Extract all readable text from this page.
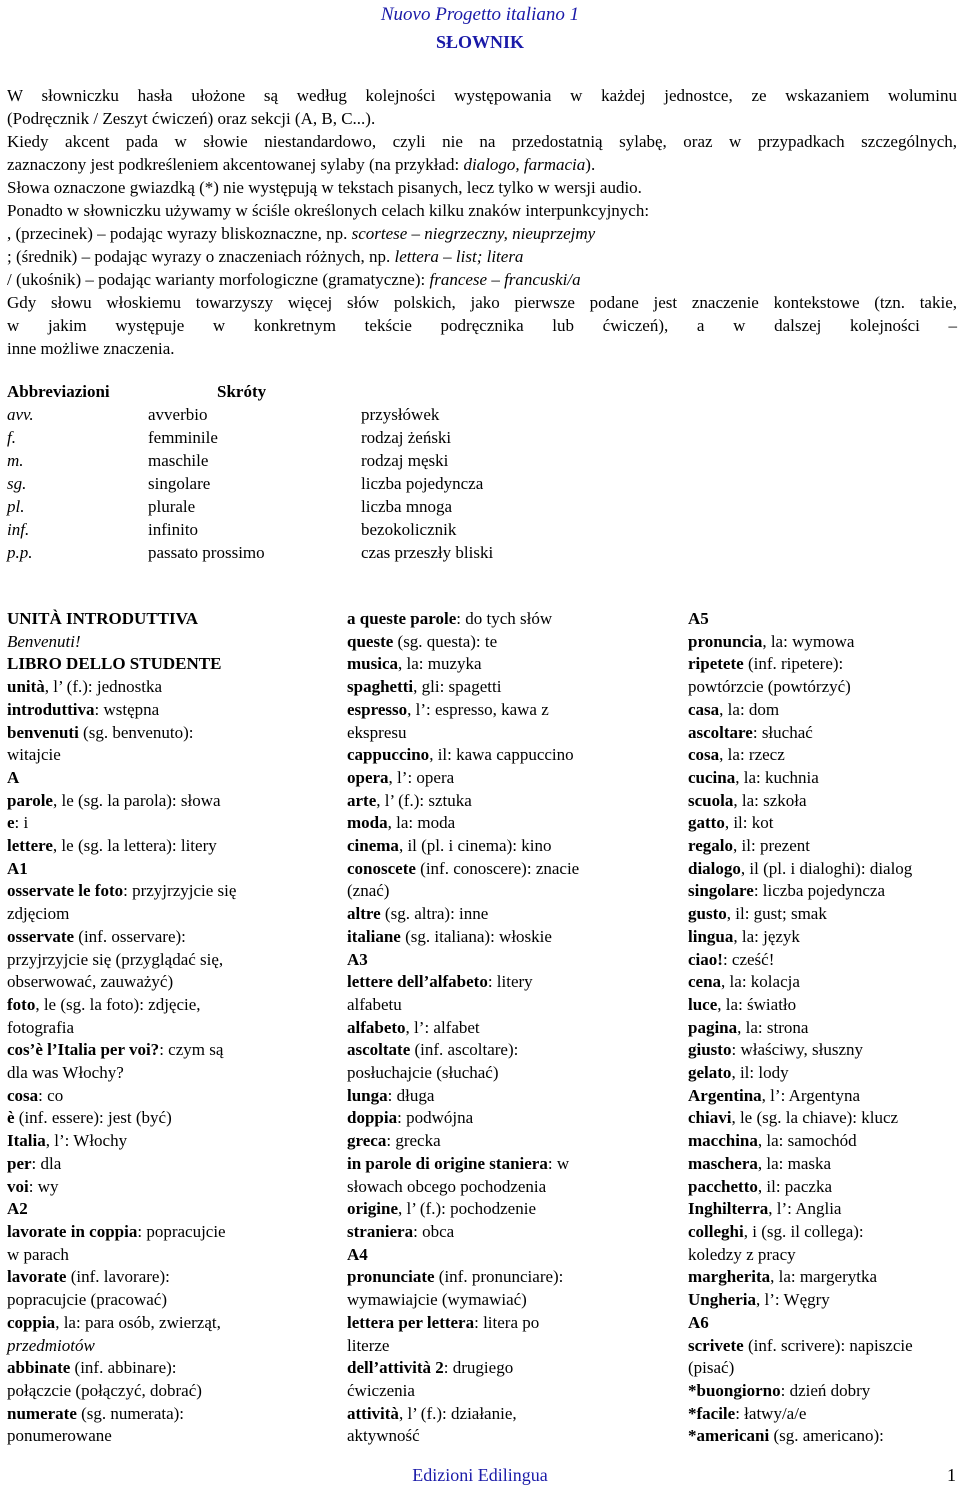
Nuovo Progetto italiano 1
SŁOWNIK
W słowniczku hasła ułożone są według kolejności występowania w każdej jednostce, ze wskazaniem woluminu
(Podręcznik / Zeszyt ćwiczeń) oraz sekcji (A, B, C...).
Kiedy akcent pada w słowie niestandardowo, czyli nie na przedostatnią sylabę, oraz w przypadkach szczególnych,
zaznaczony jest podkreśleniem akcentowanej sylaby (na przykład: dialogo, farmacia).
Słowa oznaczone gwiazdką (*) nie występują w tekstach pisanych, lecz tylko w wersji audio.
Ponadto w słowniczku używamy w ściśle określonych celach kilku znaków interpunkcyjnych:
, (przecinek) – podając wyrazy bliskoznaczne, np. scortese – niegrzeczny, nieuprzejmy
; (średnik) – podając wyrazy o znaczeniach różnych, np. lettera – list; litera
/ (ukośnik) – podając warianty morfologiczne (gramatyczne): francese – francuski/a
Gdy słowu włoskiemu towarzyszy więcej słów polskich, jako pierwsze podane jest znaczenie kontekstowe (tzn. takie,
w jakim występuje w konkretnym tekście podręcznika lub ćwiczeń), a w dalszej kolejności –
inne możliwe znaczenia.
Abbreviazioni	Skróty
avv.	avverbio	przysłówek
f.	femminile	rodzaj żeński
m.	maschile	rodzaj męski
sg.	singolare	liczba pojedyncza
pl.	plurale	liczba mnoga
inf.	infinito	bezokolicznik
p.p.	passato prossimo	czas przeszły bliski
UNITÀ INTRODUTTIVA
Benvenuti!
LIBRO DELLO STUDENTE
unità, l’ (f.): jednostka
introduttiva: wstępna
benvenuti (sg. benvenuto):
witajcie
A
parole, le (sg. la parola): słowa
e: i
lettere, le (sg. la lettera): litery
A1
osservate le foto: przyjrzyjcie się
zdjęciom
osservate (inf. osservare):
przyjrzyjcie się (przyglądać się,
obserwować, zauważyć)
foto, le (sg. la foto): zdjęcie,
fotografia
cos’è l’Italia per voi?: czym są
dla was Włochy?
cosa: co
è (inf. essere): jest (być)
Italia, l’: Włochy
per: dla
voi: wy
A2
lavorate in coppia: popracujcie
w parach
lavorate (inf. lavorare):
popracujcie (pracować)
coppia, la: para osób, zwierząt,
przedmiotów
abbinate (inf. abbinare):
połączcie (połączyć, dobrać)
numerate (sg. numerata):
ponumerowane
a queste parole: do tych słów
queste (sg. questa): te
musica, la: muzyka
spaghetti, gli: spagetti
espresso, l’: espresso, kawa z
ekspresu
cappuccino, il: kawa cappuccino
opera, l’: opera
arte, l’ (f.): sztuka
moda, la: moda
cinema, il (pl. i cinema): kino
conoscete (inf. conoscere): znacie
(znać)
altre (sg. altra): inne
italiane (sg. italiana): włoskie
A3
lettere dell’alfabeto: litery
alfabetu
alfabeto, l’: alfabet
ascoltate (inf. ascoltare):
posłuchajcie (słuchać)
lunga: długa
doppia: podwójna
greca: grecka
in parole di origine staniera: w
słowach obcego pochodzenia
origine, l’ (f.): pochodzenie
straniera: obca
A4
pronunciate (inf. pronunciare):
wymawiajcie (wymawiać)
lettera per lettera: litera po
literze
dell’attività 2: drugiego
ćwiczenia
attività, l’ (f.): działanie,
aktywność
A5
pronuncia, la: wymowa
ripetete (inf. ripetere):
powtórzcie (powtórzyć)
casa, la: dom
ascoltare: słuchać
cosa, la: rzecz
cucina, la: kuchnia
scuola, la: szkoła
gatto, il: kot
regalo, il: prezent
dialogo, il (pl. i dialoghi): dialog
singolare: liczba pojedyncza
gusto, il: gust; smak
lingua, la: język
ciao!: cześć!
cena, la: kolacja
luce, la: światło
pagina, la: strona
giusto: właściwy, słuszny
gelato, il: lody
Argentina, l’: Argentyna
chiavi, le (sg. la chiave): klucz
macchina, la: samochód
maschera, la: maska
pacchetto, il: paczka
Inghilterra, l’: Anglia
colleghi, i (sg. il collega):
koledzy z pracy
margherita, la: margerytka
Ungheria, l’: Węgry
A6
scrivete (inf. scrivere): napiszcie
(pisać)
*buongiorno: dzień dobry
*facile: łatwy/a/e
*americani (sg. americano):
Edizioni Edilingua	1
